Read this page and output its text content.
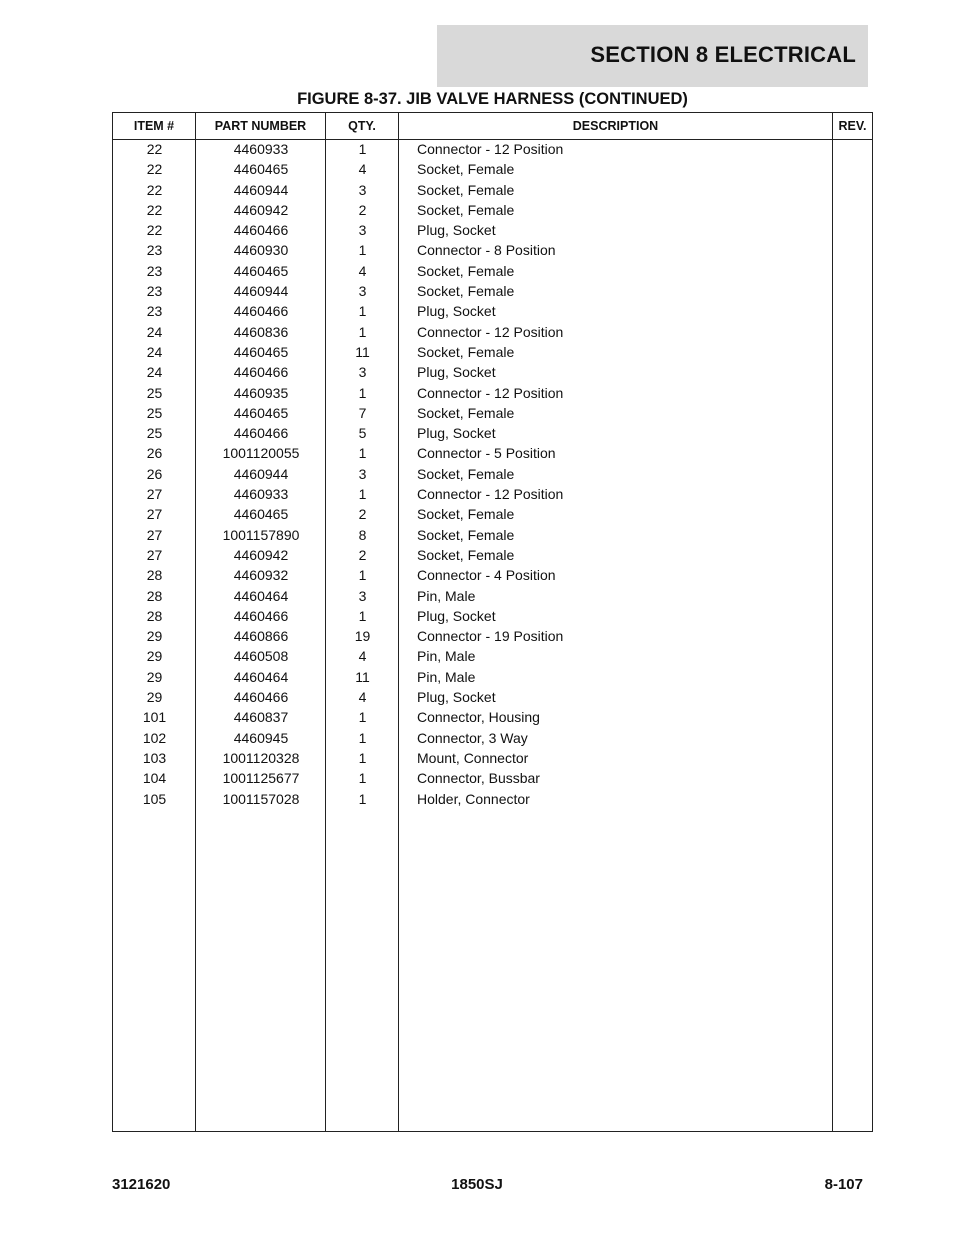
SECTION 8 ELECTRICAL
FIGURE 8-37. JIB VALVE HARNESS (CONTINUED)
ITEM #	PART NUMBER	QTY.	DESCRIPTION	REV.
22	4460933	1	Connector - 12 Position
22	4460465	4	Socket, Female
22	4460944	3	Socket, Female
22	4460942	2	Socket, Female
22	4460466	3	Plug, Socket
23	4460930	1	Connector - 8 Position
23	4460465	4	Socket, Female
23	4460944	3	Socket, Female
23	4460466	1	Plug, Socket
24	4460836	1	Connector - 12 Position
24	4460465	11	Socket, Female
24	4460466	3	Plug, Socket
25	4460935	1	Connector - 12 Position
25	4460465	7	Socket, Female
25	4460466	5	Plug, Socket
26	1001120055	1	Connector - 5 Position
26	4460944	3	Socket, Female
27	4460933	1	Connector - 12 Position
27	4460465	2	Socket, Female
27	1001157890	8	Socket, Female
27	4460942	2	Socket, Female
28	4460932	1	Connector - 4 Position
28	4460464	3	Pin, Male
28	4460466	1	Plug, Socket
29	4460866	19	Connector - 19 Position
29	4460508	4	Pin, Male
29	4460464	11	Pin, Male
29	4460466	4	Plug, Socket
101	4460837	1	Connector, Housing
102	4460945	1	Connector, 3 Way
103	1001120328	1	Mount, Connector
104	1001125677	1	Connector, Bussbar
105	1001157028	1	Holder, Connector
3121620	1850SJ	8-107
